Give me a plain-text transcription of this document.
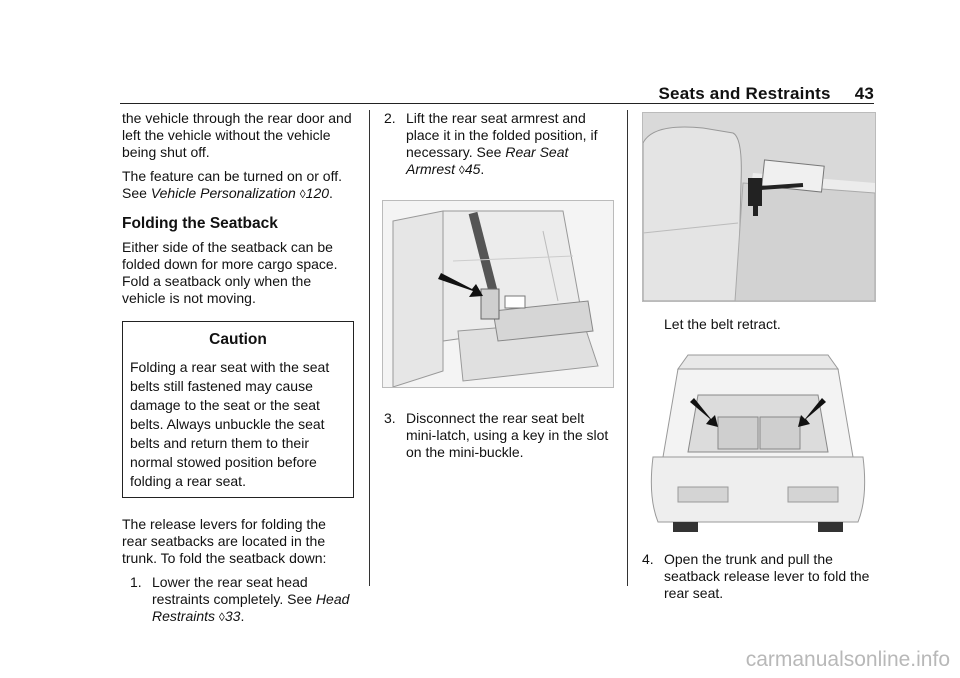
Seats and Restraints 43

the vehicle through the rear door and left the vehicle without the vehicle being shut off.

The feature can be turned on or off. See Vehicle Personalization ◊120.

Folding the Seatback

Either side of the seatback can be folded down for more cargo space. Fold a seatback only when the vehicle is not moving.

Caution
Folding a rear seat with the seat belts still fastened may cause damage to the seat or the seat belts. Always unbuckle the seat belts and return them to their normal stowed position before folding a rear seat.

The release levers for folding the rear seatbacks are located in the trunk. To fold the seatback down:

1. Lower the rear seat head restraints completely. See Head Restraints ◊33.
2. Lift the rear seat armrest and place it in the folded position, if necessary. See Rear Seat Armrest ◊45.
3. Disconnect the rear seat belt mini-latch, using a key in the slot on the mini-buckle.

Let the belt retract.

4. Open the trunk and pull the seatback release lever to fold the rear seat.
carmanualsonline.info
